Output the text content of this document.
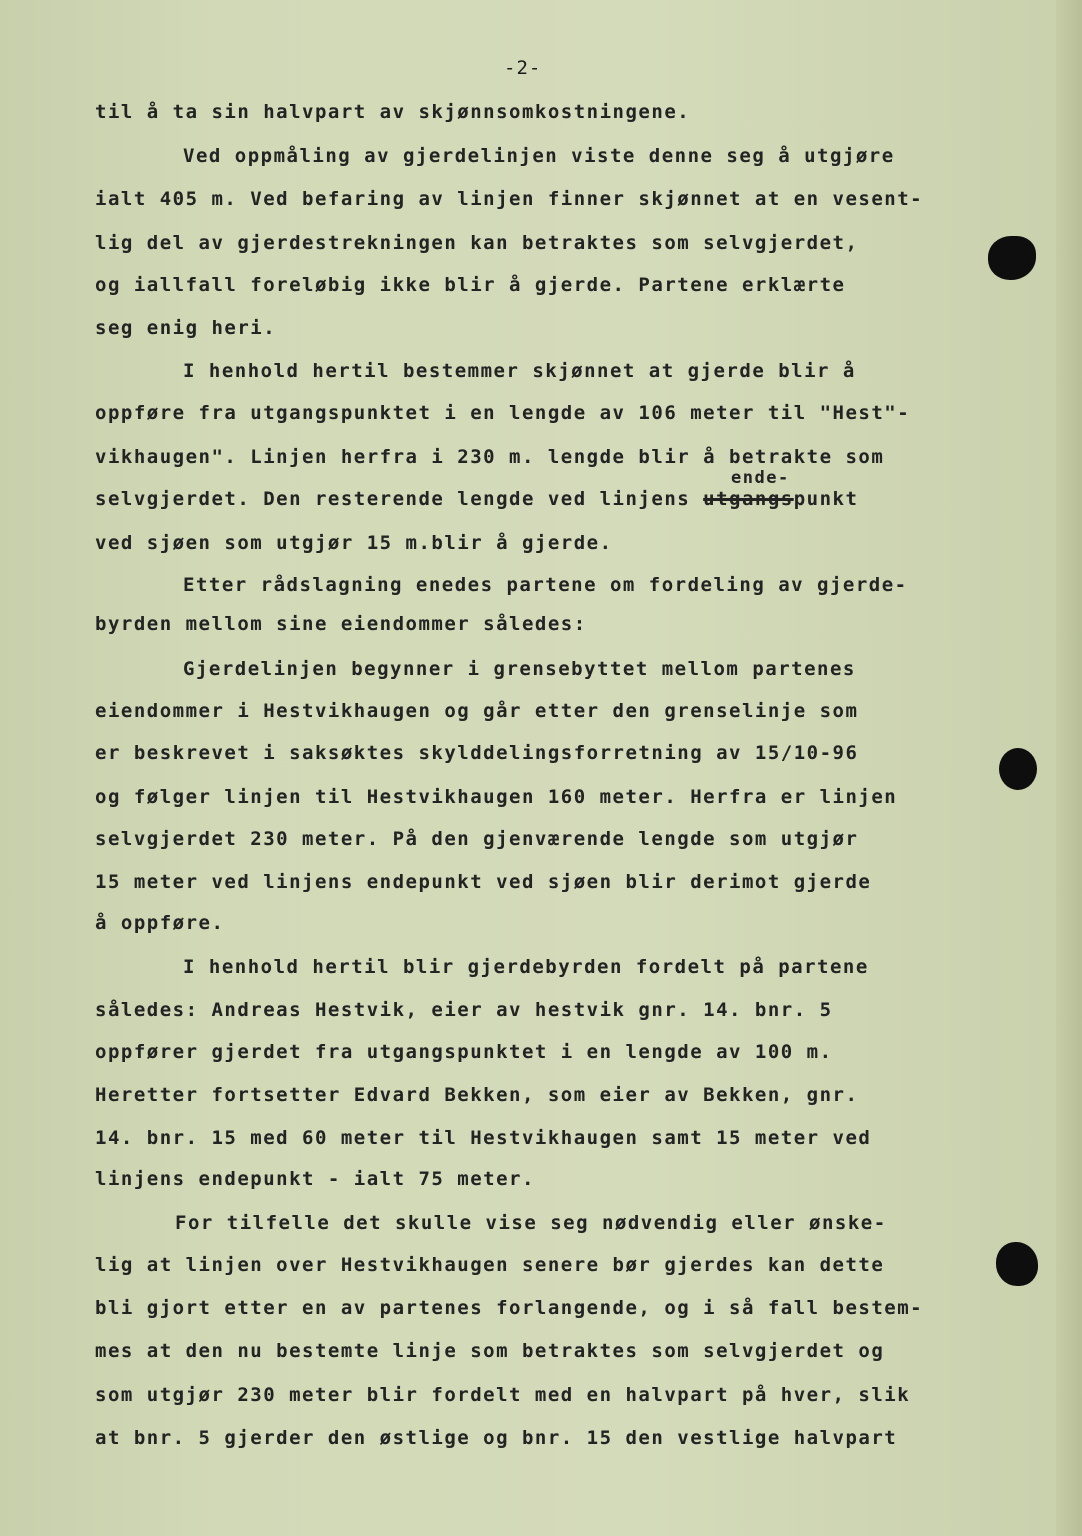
-2-
til å ta sin halvpart av skjønnsomkostningene.
Ved oppmåling av gjerdelinjen viste denne seg å utgjøre
ialt 405 m. Ved befaring av linjen finner skjønnet at en vesent-
lig del av gjerdestrekningen kan betraktes som selvgjerdet,
og iallfall foreløbig ikke blir å gjerde. Partene erklærte
seg enig heri.
I henhold hertil bestemmer skjønnet at gjerde blir å
oppføre fra utgangspunktet i en lengde av 106 meter til "Hest"-
vikhaugen". Linjen herfra i 230 m. lengde blir å betrakte som
ende-
selvgjerdet. Den resterende lengde ved linjens utgangspunkt
ved sjøen som utgjør 15 m.blir å gjerde.
Etter rådslagning enedes partene om fordeling av gjerde-
byrden mellom sine eiendommer således:
Gjerdelinjen begynner i grensebyttet mellom partenes
eiendommer i Hestvikhaugen og går etter den grenselinje som
er beskrevet i saksøktes skylddelingsforretning av 15/10-96
og følger linjen til Hestvikhaugen 160 meter. Herfra er linjen
selvgjerdet 230 meter. På den gjenværende lengde som utgjør
15 meter ved linjens endepunkt ved sjøen blir derimot gjerde
å oppføre.
I henhold hertil blir gjerdebyrden fordelt på partene
således: Andreas Hestvik, eier av hestvik gnr. 14. bnr. 5
oppfører gjerdet fra utgangspunktet i en lengde av 100 m.
Heretter fortsetter Edvard Bekken, som eier av Bekken, gnr.
14. bnr. 15 med 60 meter til Hestvikhaugen samt 15 meter ved
linjens endepunkt - ialt 75 meter.
For tilfelle det skulle vise seg nødvendig eller ønske-
lig at linjen over Hestvikhaugen senere bør gjerdes kan dette
bli gjort etter en av partenes forlangende, og i så fall bestem-
mes at den nu bestemte linje som betraktes som selvgjerdet og
som utgjør 230 meter blir fordelt med en halvpart på hver, slik
at bnr. 5 gjerder den østlige og bnr. 15 den vestlige halvpart
